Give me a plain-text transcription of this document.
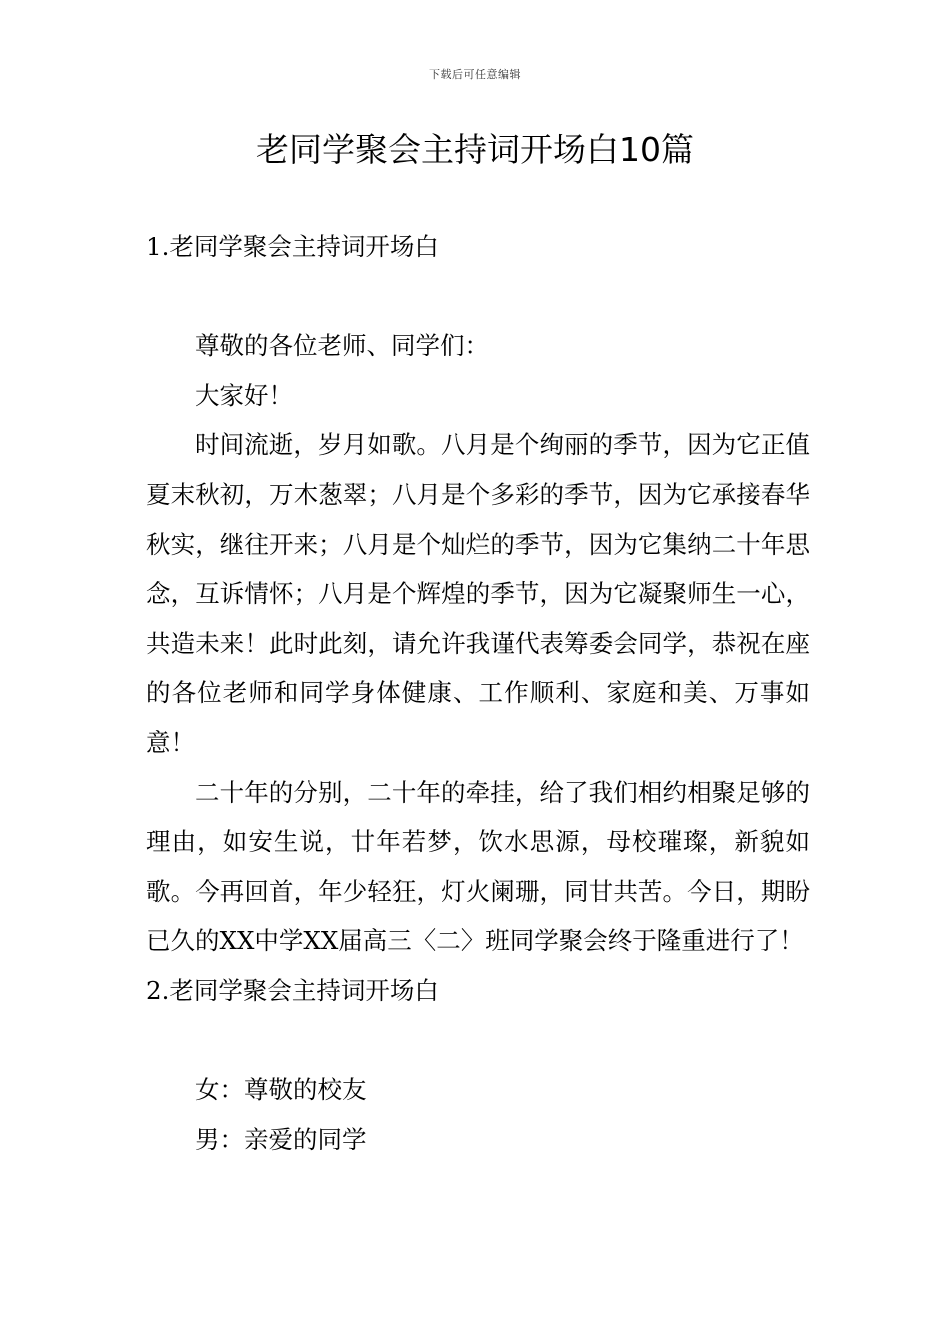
下载后可任意编辑
老同学聚会主持词开场白10篇

1.老同学聚会主持词开场白

尊敬的各位老师、同学们：

大家好！

时间流逝，岁月如歌。八月是个绚丽的季节，因为它正值夏末秋初，万木葱翠；八月是个多彩的季节，因为它承接春华秋实，继往开来；八月是个灿烂的季节，因为它集纳二十年思念，互诉情怀；八月是个辉煌的季节，因为它凝聚师生一心，共造未来！此时此刻，请允许我谨代表筹委会同学，恭祝在座的各位老师和同学身体健康、工作顺利、家庭和美、万事如意！

二十年的分别，二十年的牵挂，给了我们相约相聚足够的理由，如安生说，廿年若梦，饮水思源，母校璀璨，新貌如歌。今再回首，年少轻狂，灯火阑珊，同甘共苦。今日，期盼已久的XX中学XX届高三〈二〉班同学聚会终于隆重进行了！

2.老同学聚会主持词开场白

女：尊敬的校友

男：亲爱的同学
